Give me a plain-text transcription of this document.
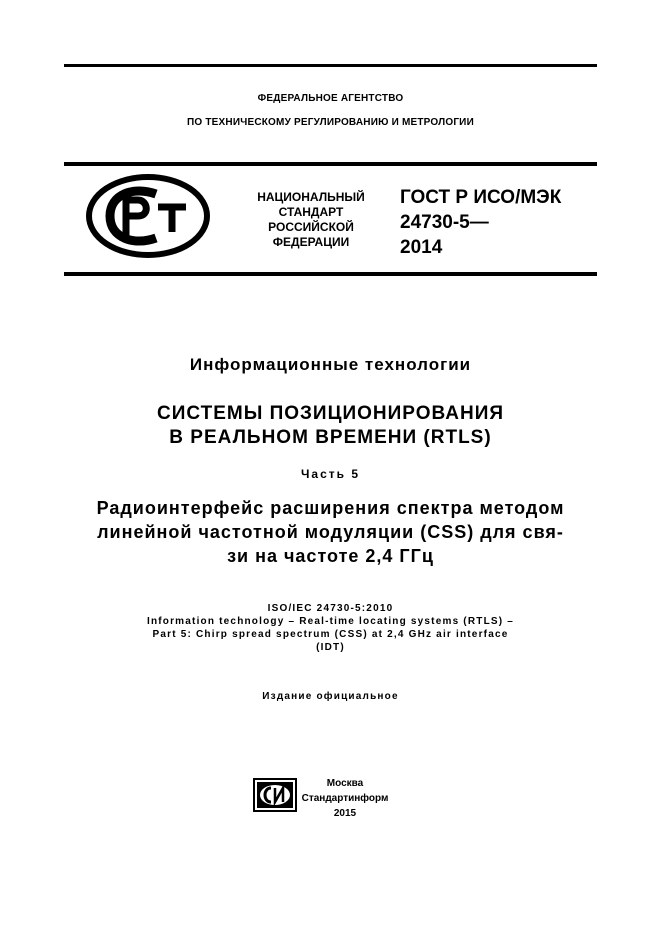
ФЕДЕРАЛЬНОЕ АГЕНТСТВО
ПО ТЕХНИЧЕСКОМУ РЕГУЛИРОВАНИЮ И МЕТРОЛОГИИ
НАЦИОНАЛЬНЫЙ
СТАНДАРТ
РОССИЙСКОЙ
ФЕДЕРАЦИИ
ГОСТ Р ИСО/МЭК
24730-5—
2014
Информационные технологии
СИСТЕМЫ ПОЗИЦИОНИРОВАНИЯ
В РЕАЛЬНОМ ВРЕМЕНИ (RTLS)
Часть 5
Радиоинтерфейс расширения спектра методом
линейной частотной модуляции (CSS) для свя-
зи на частоте 2,4 ГГц
ISO/IEC 24730-5:2010
Information technology – Real-time locating systems (RTLS) –
Part 5: Chirp spread spectrum (CSS) at 2,4 GHz air interface
(IDT)
Издание официальное
Москва
Стандартинформ
2015
